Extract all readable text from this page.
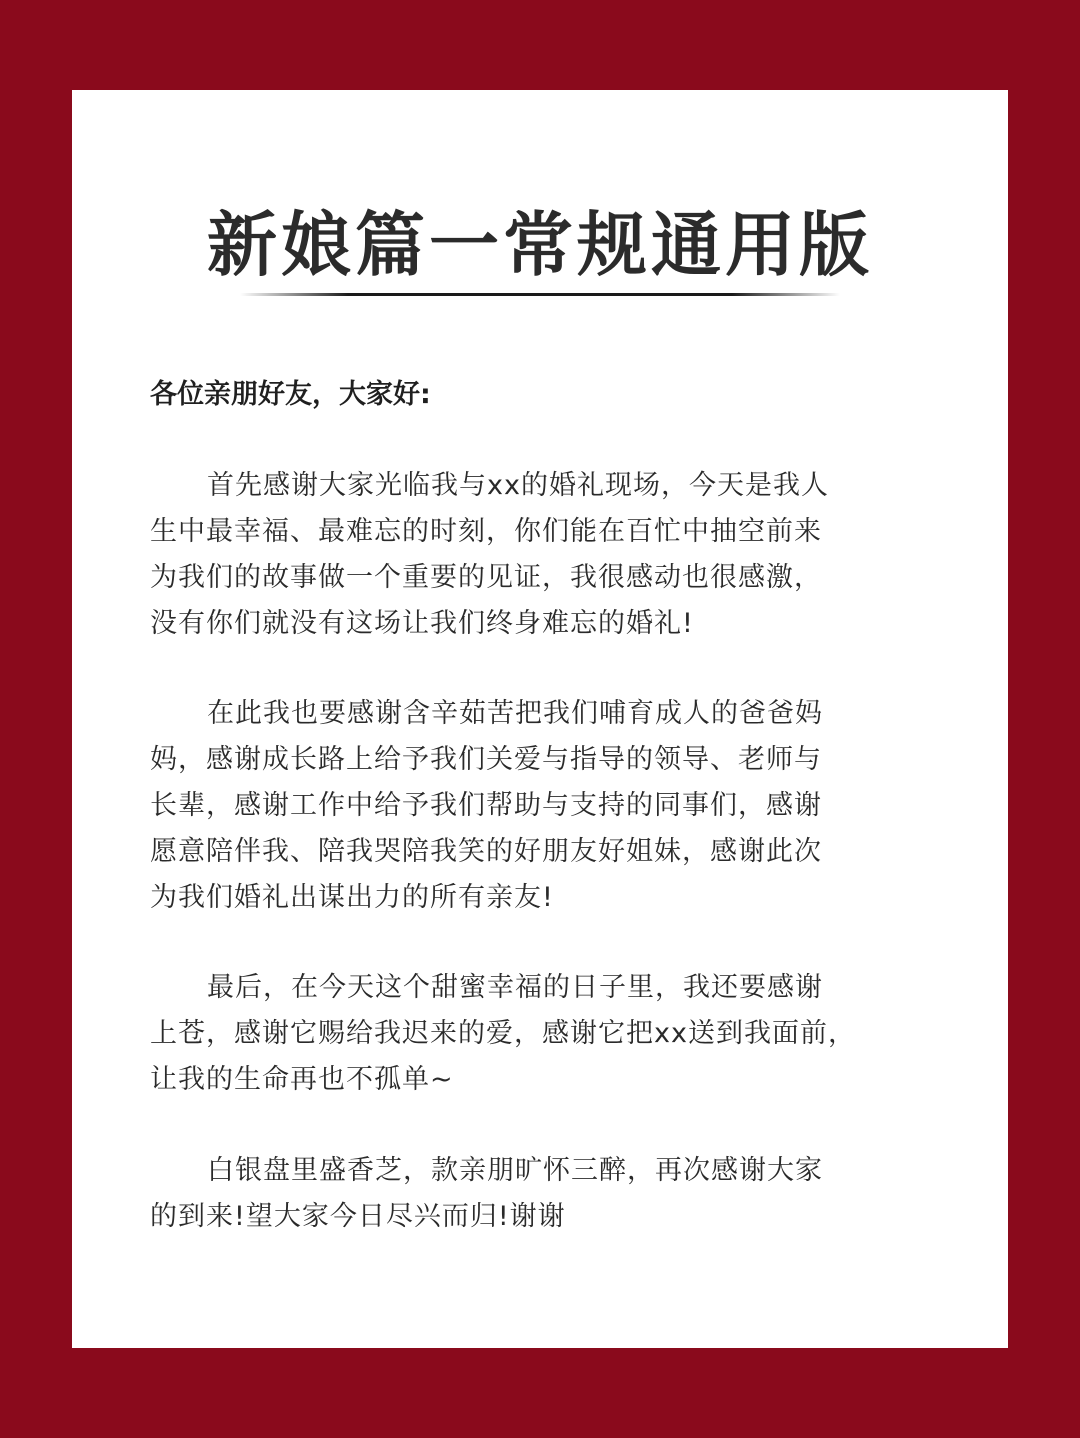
新娘篇一常规通用版

各位亲朋好友，大家好:

首先感谢大家光临我与xx的婚礼现场，今天是我人
生中最幸福、最难忘的时刻，你们能在百忙中抽空前来
为我们的故事做一个重要的见证，我很感动也很感激，
没有你们就没有这场让我们终身难忘的婚礼!
在此我也要感谢含辛茹苦把我们哺育成人的爸爸妈
妈，感谢成长路上给予我们关爱与指导的领导、老师与
长辈，感谢工作中给予我们帮助与支持的同事们，感谢
愿意陪伴我、陪我哭陪我笑的好朋友好姐妹，感谢此次
为我们婚礼出谋出力的所有亲友!
最后，在今天这个甜蜜幸福的日子里，我还要感谢
上苍，感谢它赐给我迟来的爱，感谢它把xx送到我面前，
让我的生命再也不孤单~
白银盘里盛香芝，款亲朋旷怀三醉，再次感谢大家
的到来!望大家今日尽兴而归!谢谢
